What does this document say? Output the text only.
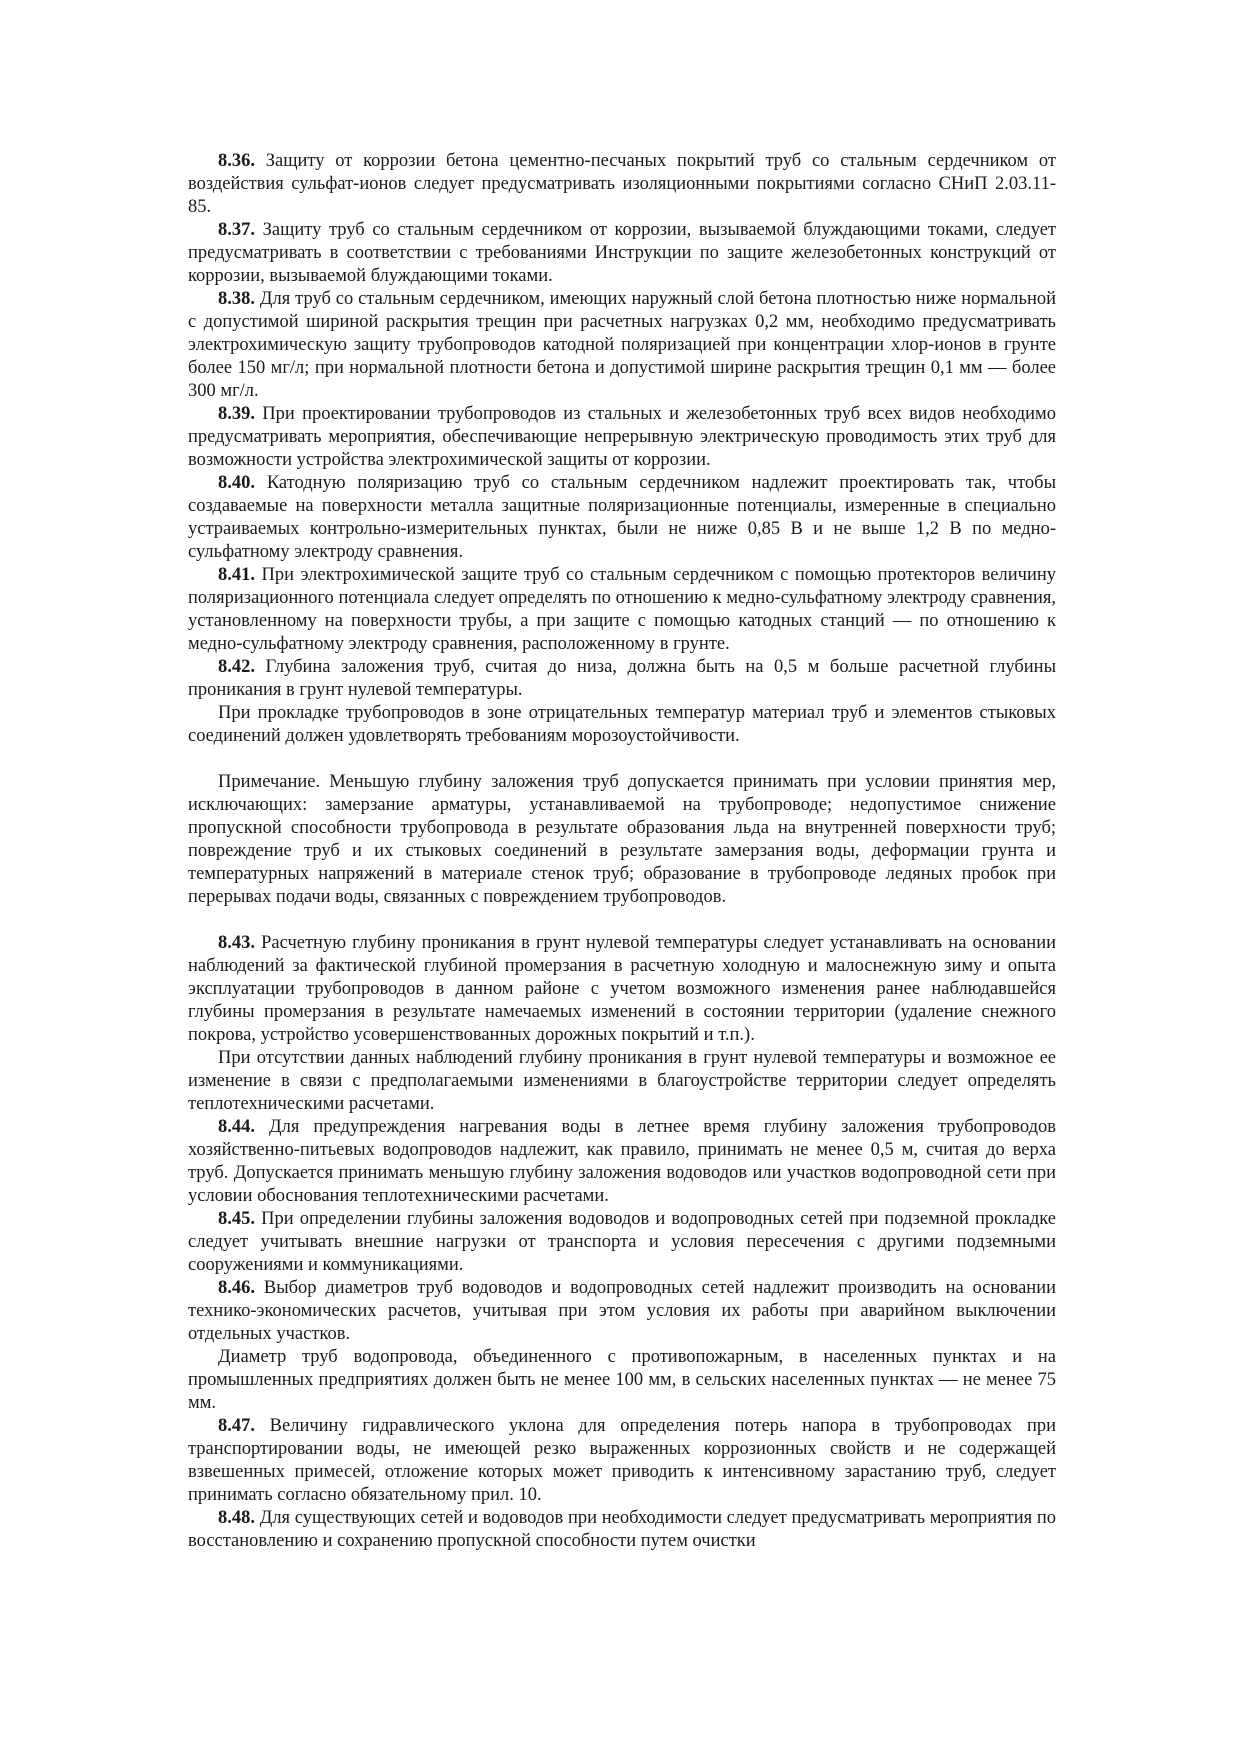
8.36. Защиту от коррозии бетона цементно-песчаных покрытий труб со стальным сердечником от воздействия сульфат-ионов следует предусматривать изоляционными покрытиями согласно СНиП 2.03.11-85.

8.37. Защиту труб со стальным сердечником от коррозии, вызываемой блуждающими токами, следует предусматривать в соответствии с требованиями Инструкции по защите железобетонных конструкций от коррозии, вызываемой блуждающими токами.

8.38. Для труб со стальным сердечником, имеющих наружный слой бетона плотностью ниже нормальной с допустимой шириной раскрытия трещин при расчетных нагрузках 0,2 мм, необходимо предусматривать электрохимическую защиту трубопроводов катодной поляризацией при концентрации хлор-ионов в грунте более 150 мг/л; при нормальной плотности бетона и допустимой ширине раскрытия трещин 0,1 мм — более 300 мг/л.

8.39. При проектировании трубопроводов из стальных и железобетонных труб всех видов необходимо предусматривать мероприятия, обеспечивающие непрерывную электрическую проводимость этих труб для возможности устройства электрохимической защиты от коррозии.

8.40. Катодную поляризацию труб со стальным сердечником надлежит проектировать так, чтобы создаваемые на поверхности металла защитные поляризационные потенциалы, измеренные в специально устраиваемых контрольно-измерительных пунктах, были не ниже 0,85 В и не выше 1,2 В по медно-сульфатному электроду сравнения.

8.41. При электрохимической защите труб со стальным сердечником с помощью протекторов величину поляризационного потенциала следует определять по отношению к медно-сульфатному электроду сравнения, установленному на поверхности трубы, а при защите с помощью катодных станций — по отношению к медно-сульфатному электроду сравнения, расположенному в грунте.

8.42. Глубина заложения труб, считая до низа, должна быть на 0,5 м больше расчетной глубины проникания в грунт нулевой температуры.

При прокладке трубопроводов в зоне отрицательных температур материал труб и элементов стыковых соединений должен удовлетворять требованиям морозоустойчивости.

Примечание. Меньшую глубину заложения труб допускается принимать при условии принятия мер, исключающих: замерзание арматуры, устанавливаемой на трубопроводе; недопустимое снижение пропускной способности трубопровода в результате образования льда на внутренней поверхности труб; повреждение труб и их стыковых соединений в результате замерзания воды, деформации грунта и температурных напряжений в материале стенок труб; образование в трубопроводе ледяных пробок при перерывах подачи воды, связанных с повреждением трубопроводов.

8.43. Расчетную глубину проникания в грунт нулевой температуры следует устанавливать на основании наблюдений за фактической глубиной промерзания в расчетную холодную и малоснежную зиму и опыта эксплуатации трубопроводов в данном районе с учетом возможного изменения ранее наблюдавшейся глубины промерзания в результате намечаемых изменений в состоянии территории (удаление снежного покрова, устройство усовершенствованных дорожных покрытий и т.п.).

При отсутствии данных наблюдений глубину проникания в грунт нулевой температуры и возможное ее изменение в связи с предполагаемыми изменениями в благоустройстве территории следует определять теплотехническими расчетами.

8.44. Для предупреждения нагревания воды в летнее время глубину заложения трубопроводов хозяйственно-питьевых водопроводов надлежит, как правило, принимать не менее 0,5 м, считая до верха труб. Допускается принимать меньшую глубину заложения водоводов или участков водопроводной сети при условии обоснования теплотехническими расчетами.

8.45. При определении глубины заложения водоводов и водопроводных сетей при подземной прокладке следует учитывать внешние нагрузки от транспорта и условия пересечения с другими подземными сооружениями и коммуникациями.

8.46. Выбор диаметров труб водоводов и водопроводных сетей надлежит производить на основании технико-экономических расчетов, учитывая при этом условия их работы при аварийном выключении отдельных участков.

Диаметр труб водопровода, объединенного с противопожарным, в населенных пунктах и на промышленных предприятиях должен быть не менее 100 мм, в сельских населенных пунктах — не менее 75 мм.

8.47. Величину гидравлического уклона для определения потерь напора в трубопроводах при транспортировании воды, не имеющей резко выраженных коррозионных свойств и не содержащей взвешенных примесей, отложение которых может приводить к интенсивному зарастанию труб, следует принимать согласно обязательному прил. 10.

8.48. Для существующих сетей и водоводов при необходимости следует предусматривать мероприятия по восстановлению и сохранению пропускной способности путем очистки
